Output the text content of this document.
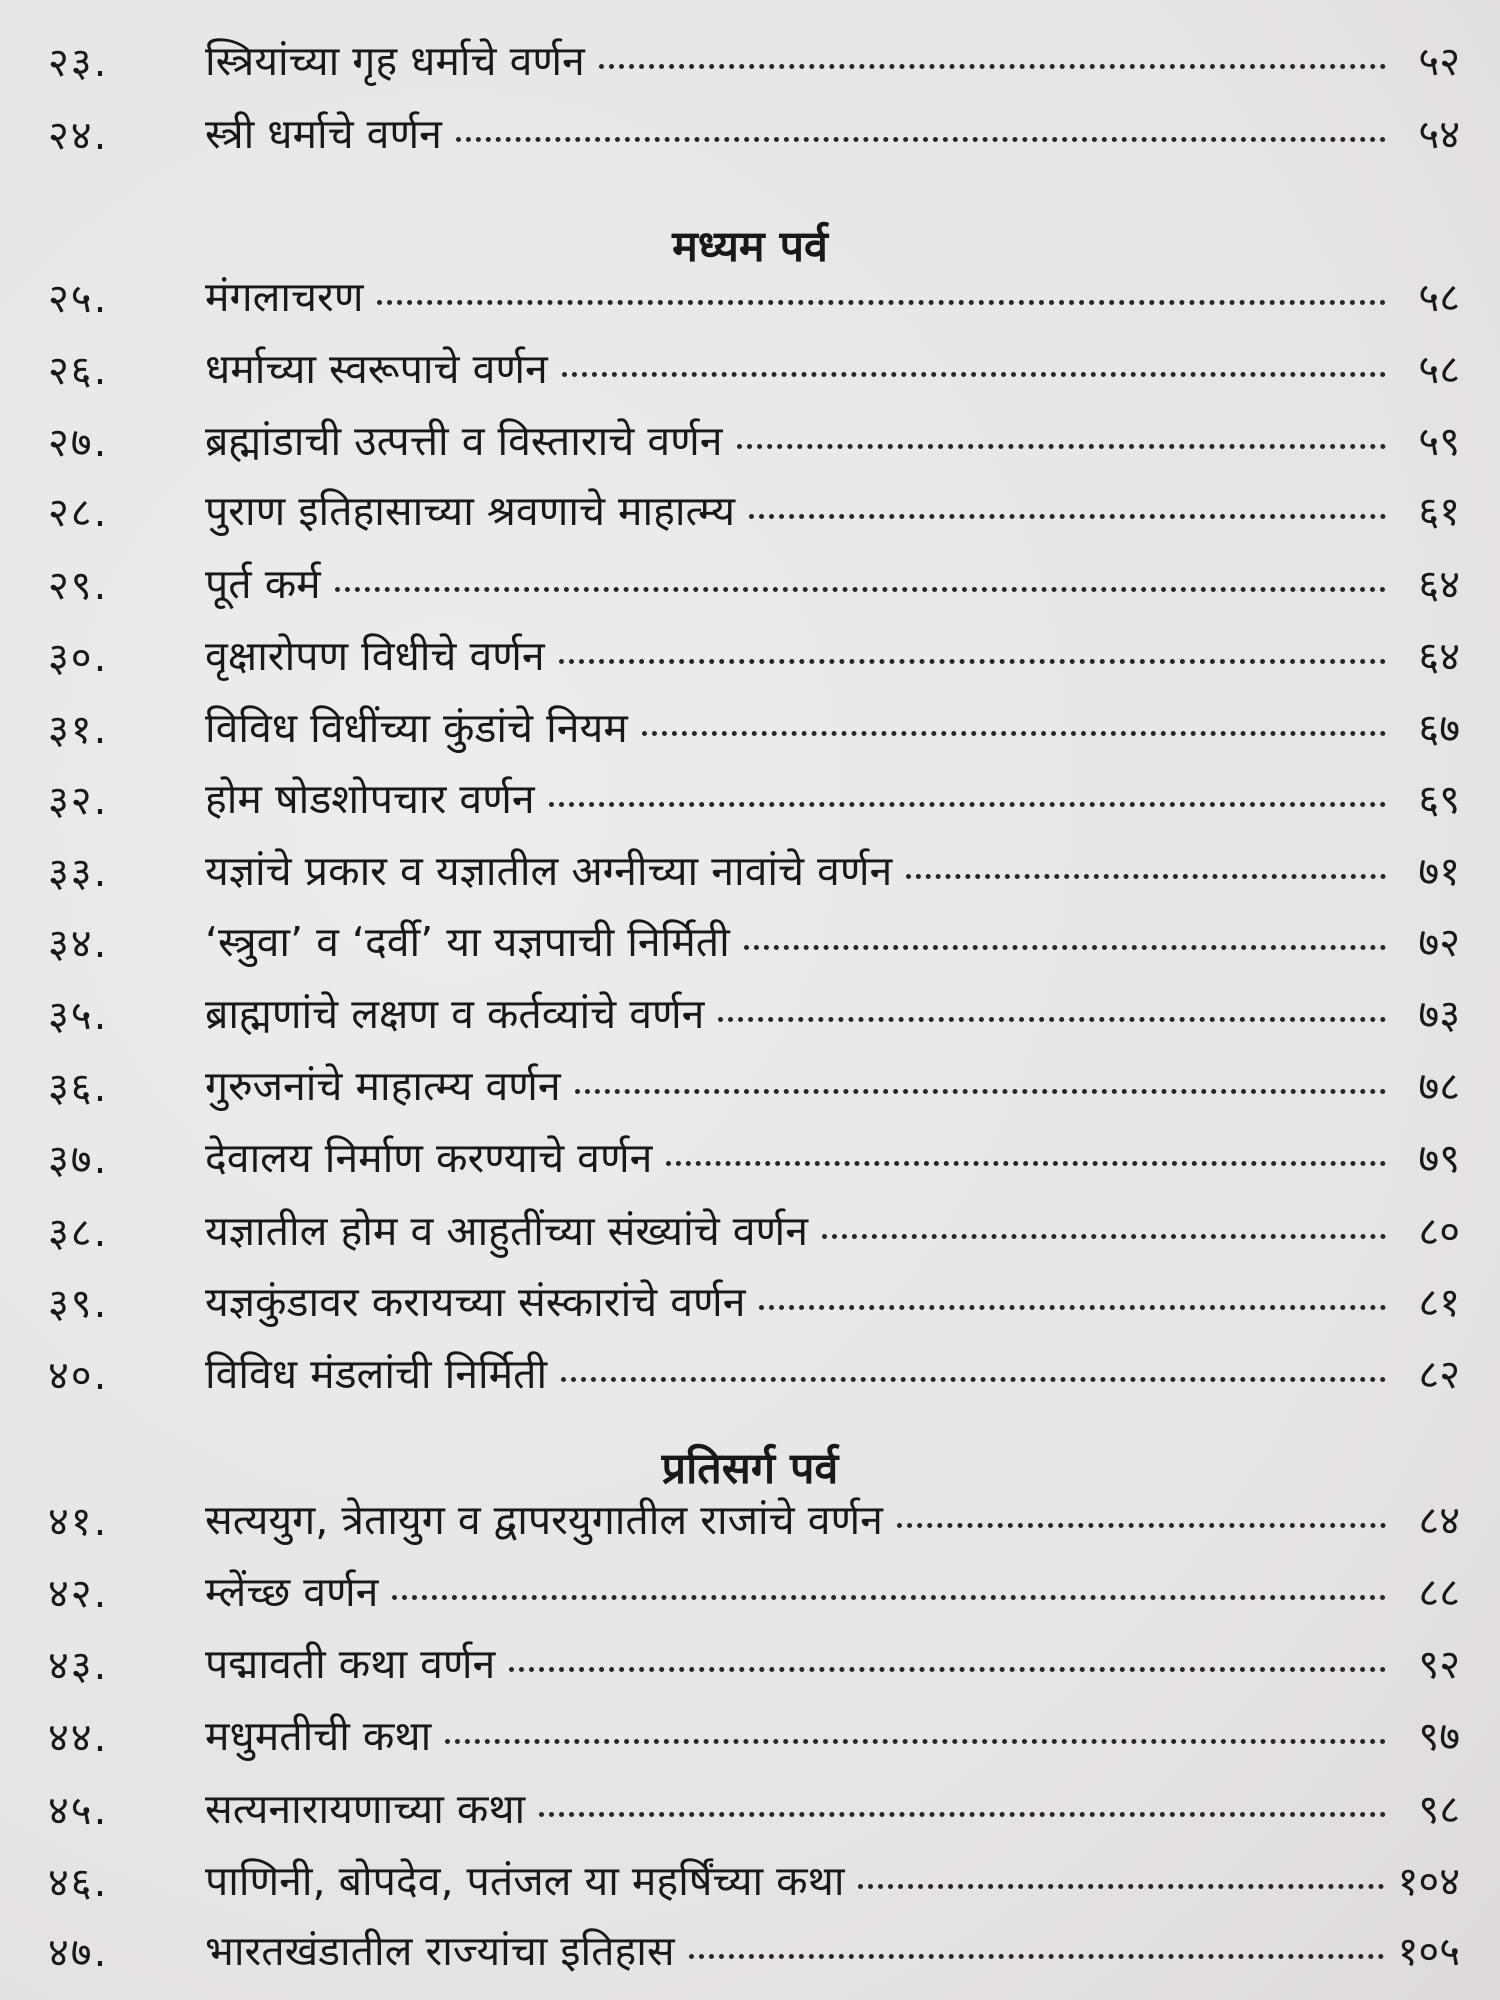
२३.	स्त्रियांच्या गृह धर्माचे वर्णन	५२
२४.	स्त्री धर्माचे वर्णन	५४
मध्यम पर्व
२५.	मंगलाचरण	५८
२६.	धर्माच्या स्वरूपाचे वर्णन	५८
२७.	ब्रह्मांडाची उत्पत्ती व विस्ताराचे वर्णन	५९
२८.	पुराण इतिहासाच्या श्रवणाचे माहात्म्य	६१
२९.	पूर्त कर्म	६४
३०.	वृक्षारोपण विधीचे वर्णन	६४
३१.	विविध विधींच्या कुंडांचे नियम	६७
३२.	होम षोडशोपचार वर्णन	६९
३३.	यज्ञांचे प्रकार व यज्ञातील अग्नीच्या नावांचे वर्णन	७१
३४.	‘स्त्रुवा’ व ‘दर्वी’ या यज्ञपाची निर्मिती	७२
३५.	ब्राह्मणांचे लक्षण व कर्तव्यांचे वर्णन	७३
३६.	गुरुजनांचे माहात्म्य वर्णन	७८
३७.	देवालय निर्माण करण्याचे वर्णन	७९
३८.	यज्ञातील होम व आहुतींच्या संख्यांचे वर्णन	८०
३९.	यज्ञकुंडावर करायच्या संस्कारांचे वर्णन	८१
४०.	विविध मंडलांची निर्मिती	८२
प्रतिसर्ग पर्व
४१.	सत्ययुग, त्रेतायुग व द्वापरयुगातील राजांचे वर्णन	८४
४२.	म्लेंच्छ वर्णन	८८
४३.	पद्मावती कथा वर्णन	९२
४४.	मधुमतीची कथा	९७
४५.	सत्यनारायणाच्या कथा	९८
४६.	पाणिनी, बोपदेव, पतंजल या महर्षिंच्या कथा	१०४
४७.	भारतखंडातील राज्यांचा इतिहास	१०५
